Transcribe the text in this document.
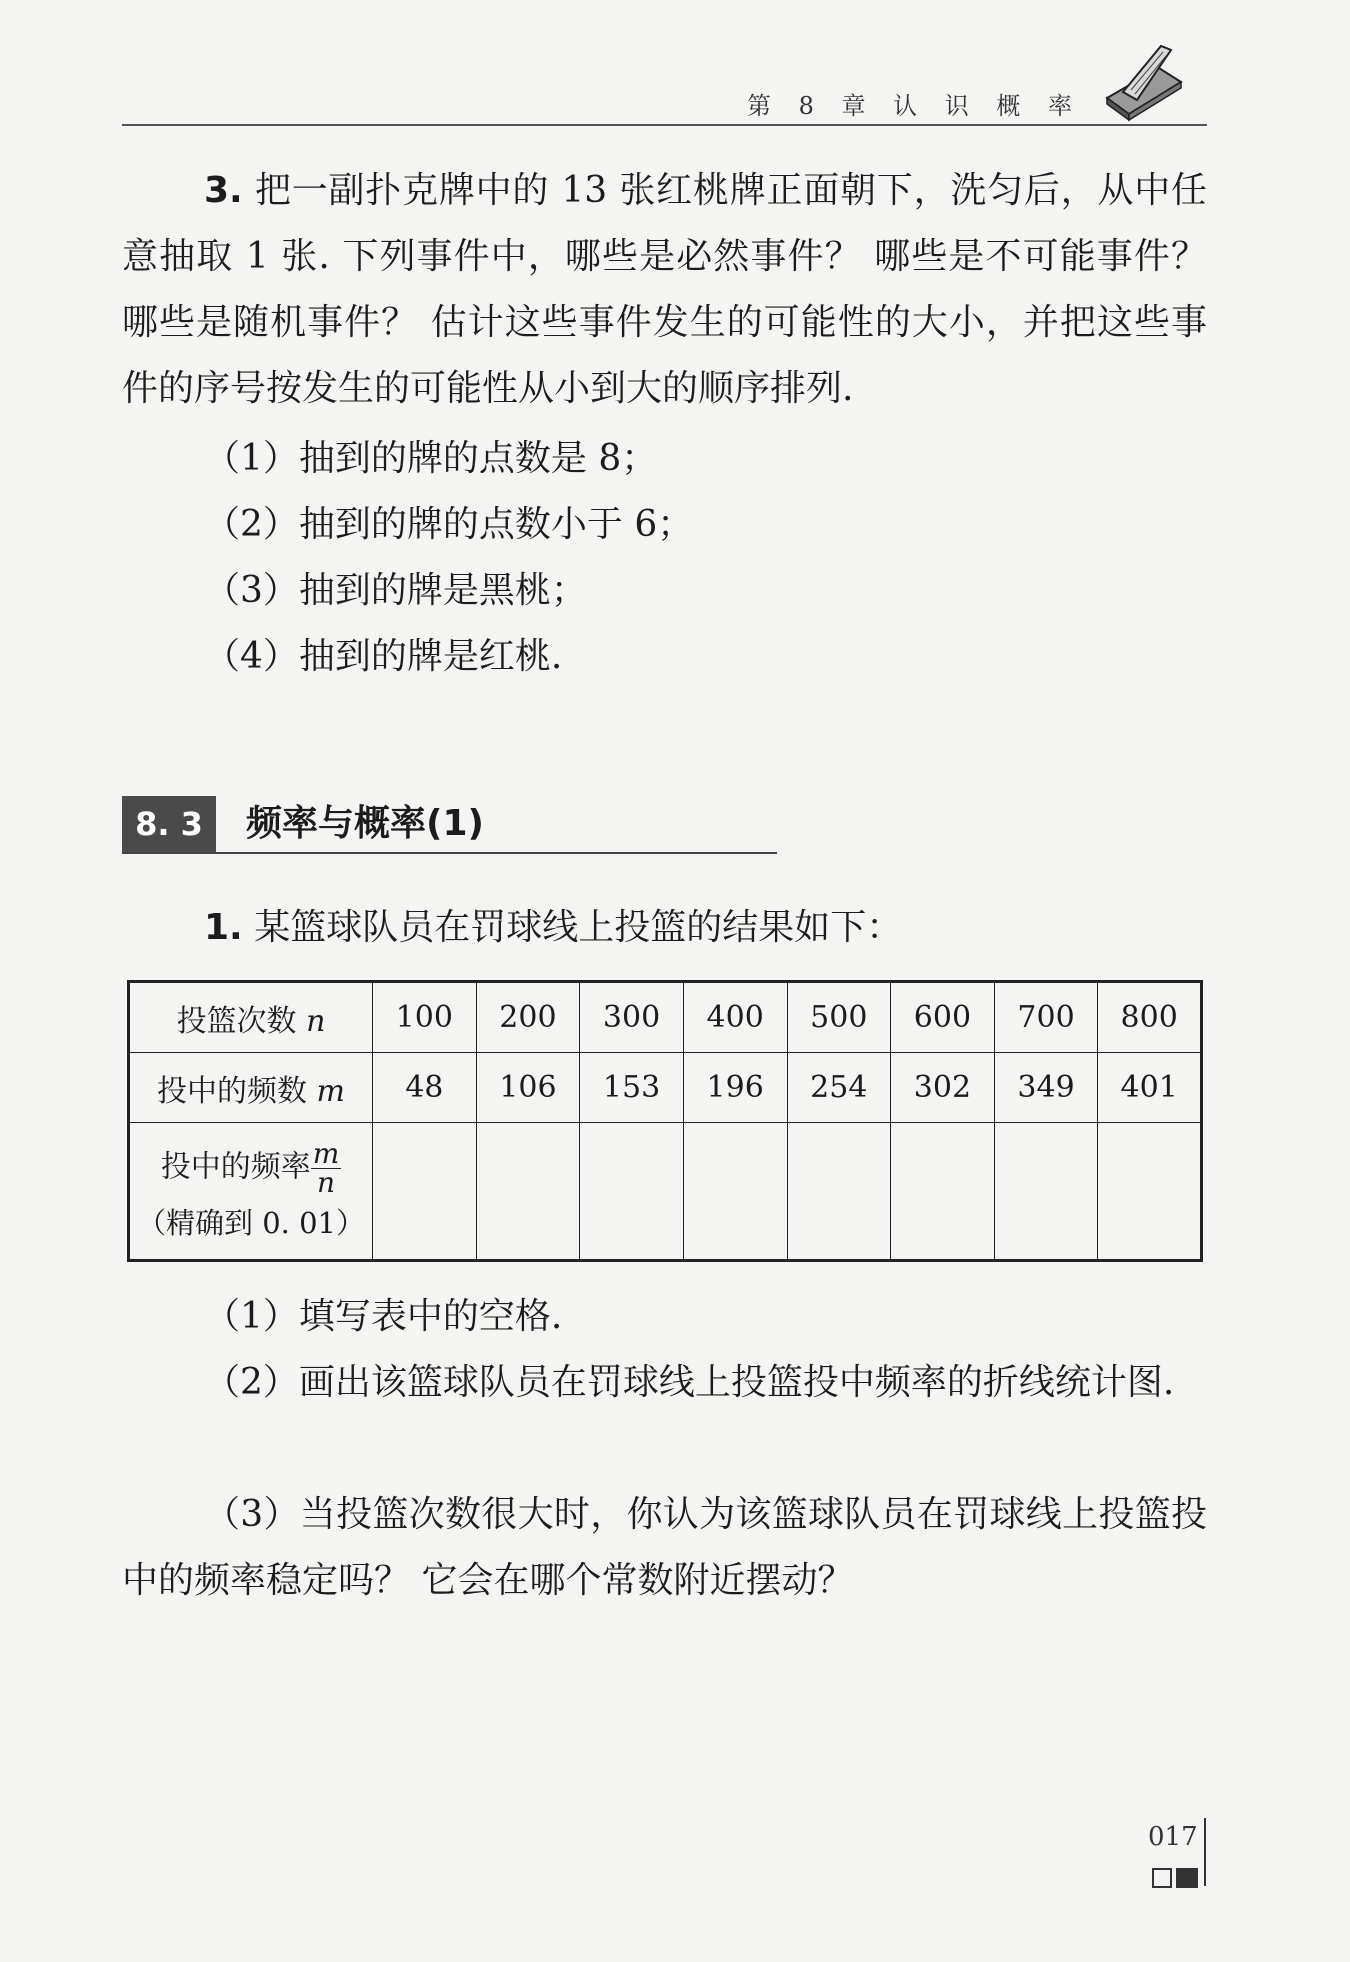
第 8 章 认 识 概 率

3. 把一副扑克牌中的 13 张红桃牌正面朝下，洗匀后，从中任意抽取 1 张. 下列事件中，哪些是必然事件？ 哪些是不可能事件？ 哪些是随机事件？ 估计这些事件发生的可能性的大小，并把这些事件的序号按发生的可能性从小到大的顺序排列.

（1）抽到的牌的点数是 8；

（2）抽到的牌的点数小于 6；

（3）抽到的牌是黑桃；

（4）抽到的牌是红桃.

8. 3	频率与概率(1)

1. 某篮球队员在罚球线上投篮的结果如下：

投篮次数 n	100	200	300	400	500	600	700	800
投中的频数 m	48	106	153	196	254	302	349	401
投中的频率 $\frac{m}{n}$
（精确到 0. 01）								

（1）填写表中的空格.

（2）画出该篮球队员在罚球线上投篮投中频率的折线统计图.

（3）当投篮次数很大时，你认为该篮球队员在罚球线上投篮投中的频率稳定吗？ 它会在哪个常数附近摆动？

017
